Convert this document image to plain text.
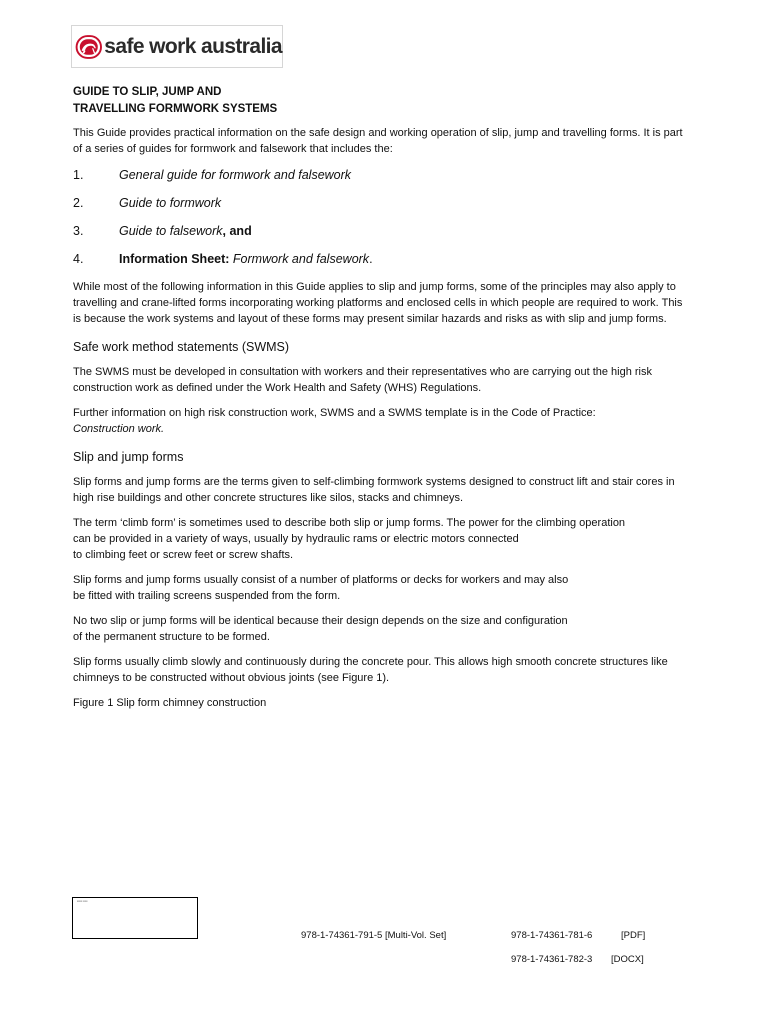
safe work australia
GUIDE TO SLIP, JUMP AND
TRAVELLING FORMWORK SYSTEMS

This Guide provides practical information on the safe design and working operation of slip, jump and travelling forms. It is part of a series of guides for formwork and falsework that includes the:

1.	General guide for formwork and falsework
2.	Guide to formwork
3.	Guide to falsework, and
4.	Information Sheet: Formwork and falsework.

While most of the following information in this Guide applies to slip and jump forms, some of the principles may also apply to travelling and crane-lifted forms incorporating working platforms and enclosed cells in which people are required to work. This is because the work systems and layout of these forms may present similar hazards and risks as with slip and jump forms.

Safe work method statements (SWMS)

The SWMS must be developed in consultation with workers and their representatives who are carrying out the high risk construction work as defined under the Work Health and Safety (WHS) Regulations.

Further information on high risk construction work, SWMS and a SWMS template is in the Code of Practice:
Construction work.

Slip and jump forms

Slip forms and jump forms are the terms given to self-climbing formwork systems designed to construct lift and stair cores in high rise buildings and other concrete structures like silos, stacks and chimneys.

The term ‘climb form’ is sometimes used to describe both slip or jump forms. The power for the climbing operation
can be provided in a variety of ways, usually by hydraulic rams or electric motors connected
to climbing feet or screw feet or screw shafts.

Slip forms and jump forms usually consist of a number of platforms or decks for workers and may also
be fitted with trailing screens suspended from the form.

No two slip or jump forms will be identical because their design depends on the size and configuration
of the permanent structure to be formed.

Slip forms usually climb slowly and continuously during the concrete pour. This allows high smooth concrete structures like chimneys to be constructed without obvious joints (see Figure 1).

Figure 1 Slip form chimney construction

▪▪▪▪▪ ▪▪▪▪
978-1-74361-791-5 [Multi-Vol. Set]	978-1-74361-781-6	[PDF]
978-1-74361-782-3 [DOCX]
